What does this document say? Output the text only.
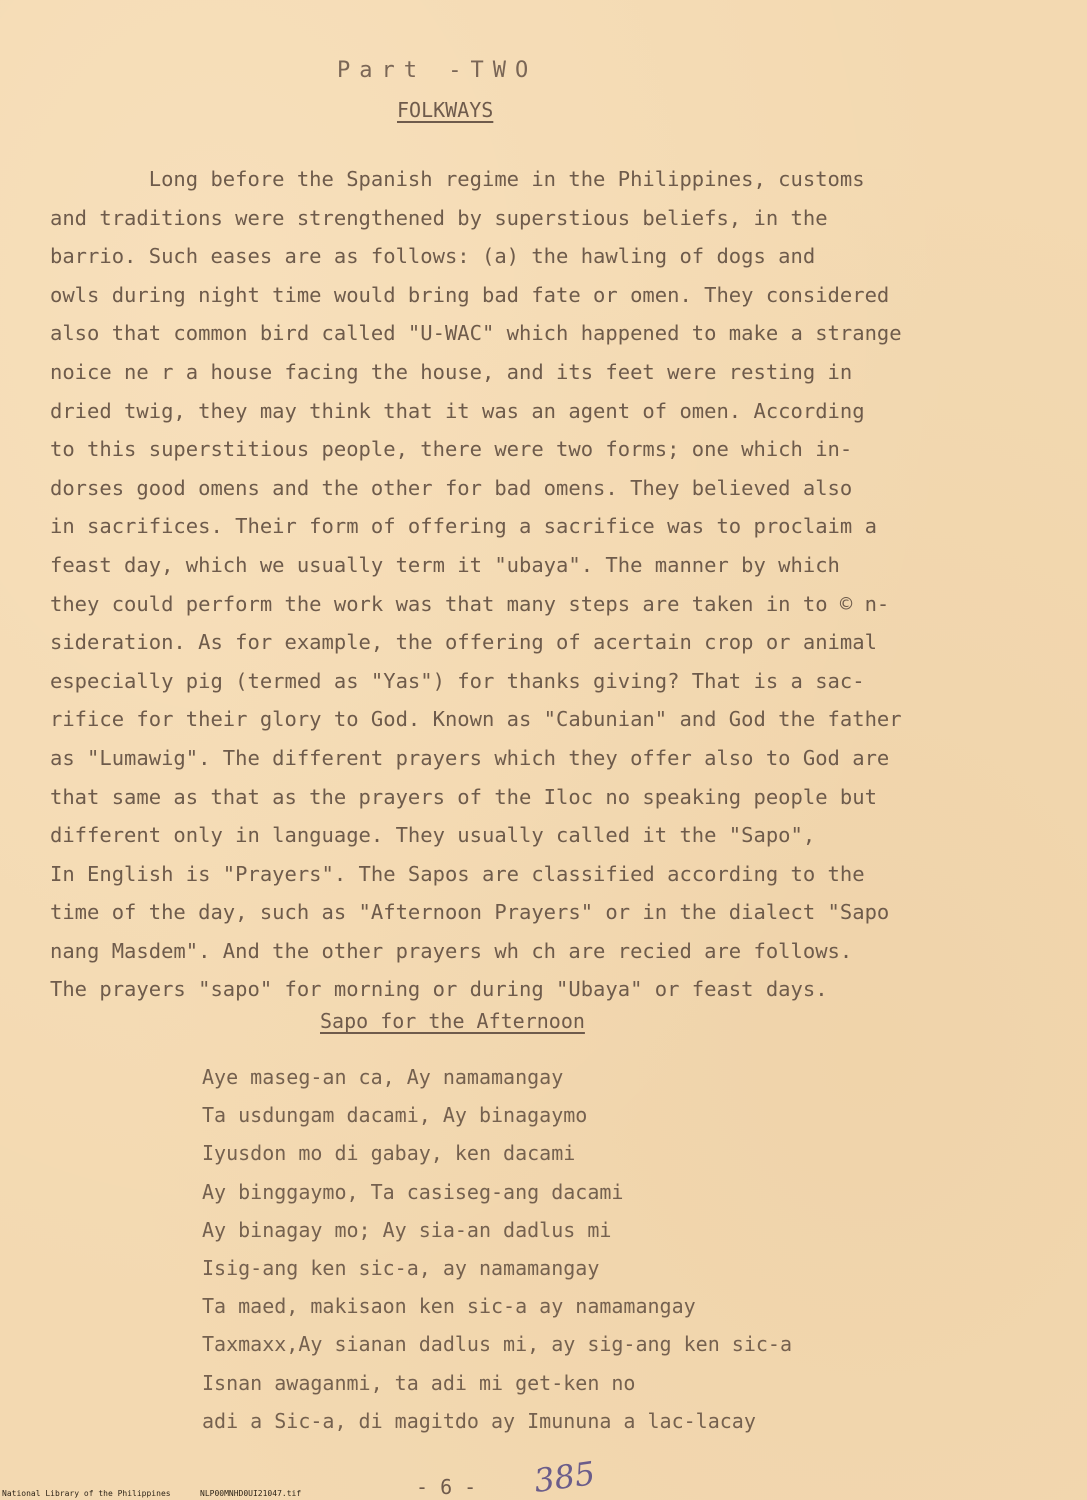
Part -TWO
FOLKWAYS
Long before the Spanish regime in the Philippines, customs
and traditions were strengthened by superstious beliefs, in the
barrio. Such eases are as follows: (a) the hawling of dogs and
owls during night time would bring bad fate or omen. They considered
also that common bird called "U-WAC" which happened to make a strange
noice ne r a house facing the house, and its feet were resting in
dried twig, they may think that it was an agent of omen. According
to this superstitious people, there were two forms; one which in-
dorses good omens and the other for bad omens. They believed also
in sacrifices. Their form of offering a sacrifice was to proclaim a
feast day, which we usually term it "ubaya". The manner by which
they could perform the work was that many steps are taken in to © n-
sideration. As for example, the offering of acertain crop or animal
especially pig (termed as "Yas") for thanks giving? That is a sac-
rifice for their glory to God. Known as "Cabunian" and God the father
as "Lumawig". The different prayers which they offer also to God are
that same as that as the prayers of the Iloc no speaking people but
different only in language. They usually called it the "Sapo",
In English is "Prayers". The Sapos are classified according to the
time of the day, such as "Afternoon Prayers" or in the dialect "Sapo
nang Masdem". And the other prayers wh ch are recied are follows.
The prayers "sapo" for morning or during "Ubaya" or feast days.
Sapo for the Afternoon
Aye maseg-an ca, Ay namamangay
Ta usdungam dacami, Ay binagaymo
Iyusdon mo di gabay, ken dacami
Ay binggaymo, Ta casiseg-ang dacami
Ay binagay mo; Ay sia-an dadlus mi
Isig-ang ken sic-a, ay namamangay
Ta maed, makisaon ken sic-a ay namamangay
Taxmaxx,Ay sianan dadlus mi, ay sig-ang ken sic-a
Isnan awaganmi, ta adi mi get-ken no
adi a Sic-a, di magitdo ay Imununa a lac-lacay
- 6 - 385
National Library of the Philippines	NLP00MNHD0UI21047.tif
